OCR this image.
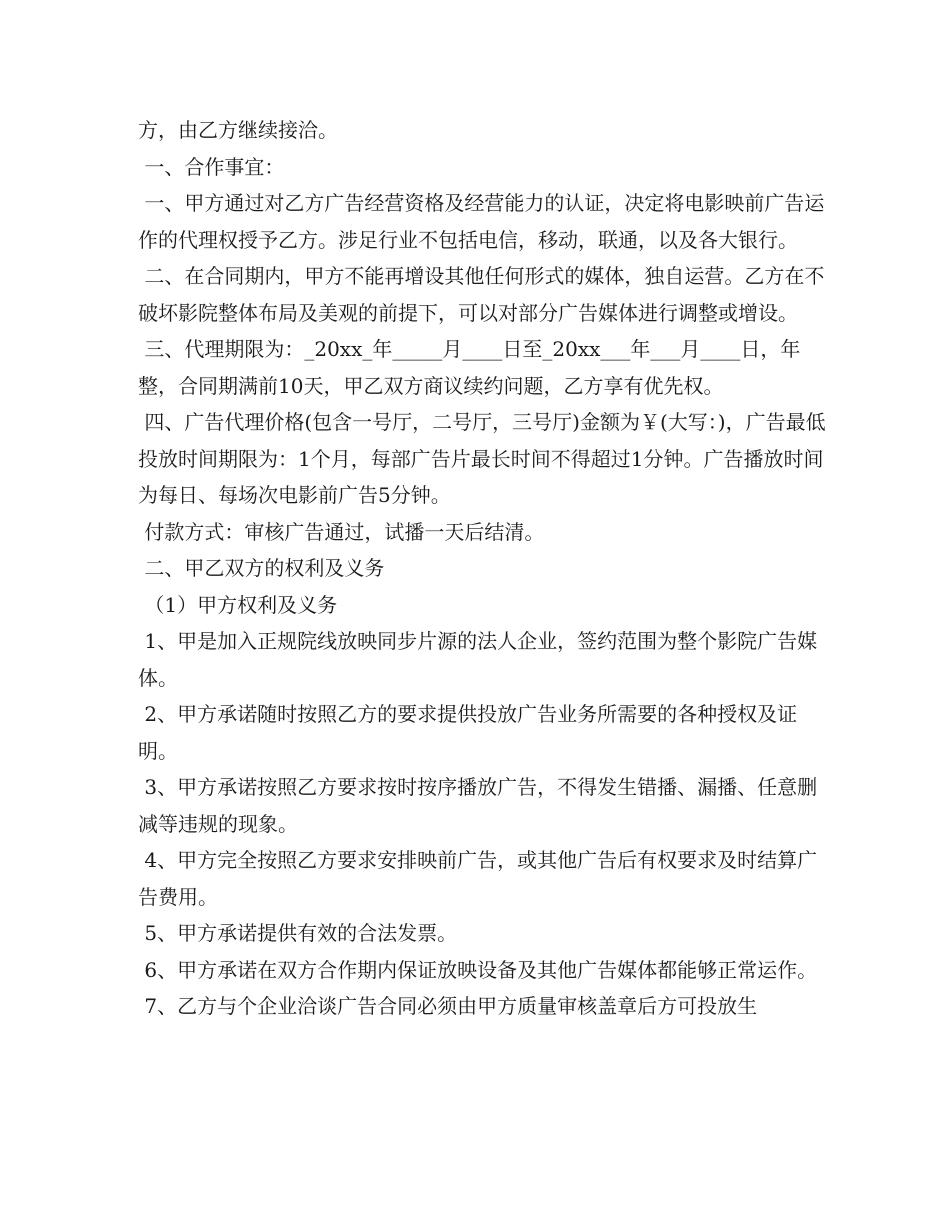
方，由乙方继续接洽。

一、合作事宜：

一、甲方通过对乙方广告经营资格及经营能力的认证，决定将电影映前广告运作的代理权授予乙方。涉足行业不包括电信，移动，联通，以及各大银行。

二、在合同期内，甲方不能再增设其他任何形式的媒体，独自运营。乙方在不破坏影院整体布局及美观的前提下，可以对部分广告媒体进行调整或增设。

三、代理期限为：_20xx_年_____月____日至_20xx___年___月____日，年整，合同期满前10天，甲乙双方商议续约问题，乙方享有优先权。

四、广告代理价格(包含一号厅，二号厅，三号厅)金额为￥(大写：)，广告最低投放时间期限为：1个月，每部广告片最长时间不得超过1分钟。广告播放时间为每日、每场次电影前广告5分钟。

付款方式：审核广告通过，试播一天后结清。

二、甲乙双方的权利及义务

（1）甲方权利及义务

1、甲是加入正规院线放映同步片源的法人企业，签约范围为整个影院广告媒体。

2、甲方承诺随时按照乙方的要求提供投放广告业务所需要的各种授权及证明。

3、甲方承诺按照乙方要求按时按序播放广告，不得发生错播、漏播、任意删减等违规的现象。

4、甲方完全按照乙方要求安排映前广告，或其他广告后有权要求及时结算广告费用。

5、甲方承诺提供有效的合法发票。

6、甲方承诺在双方合作期内保证放映设备及其他广告媒体都能够正常运作。

7、乙方与个企业洽谈广告合同必须由甲方质量审核盖章后方可投放生
